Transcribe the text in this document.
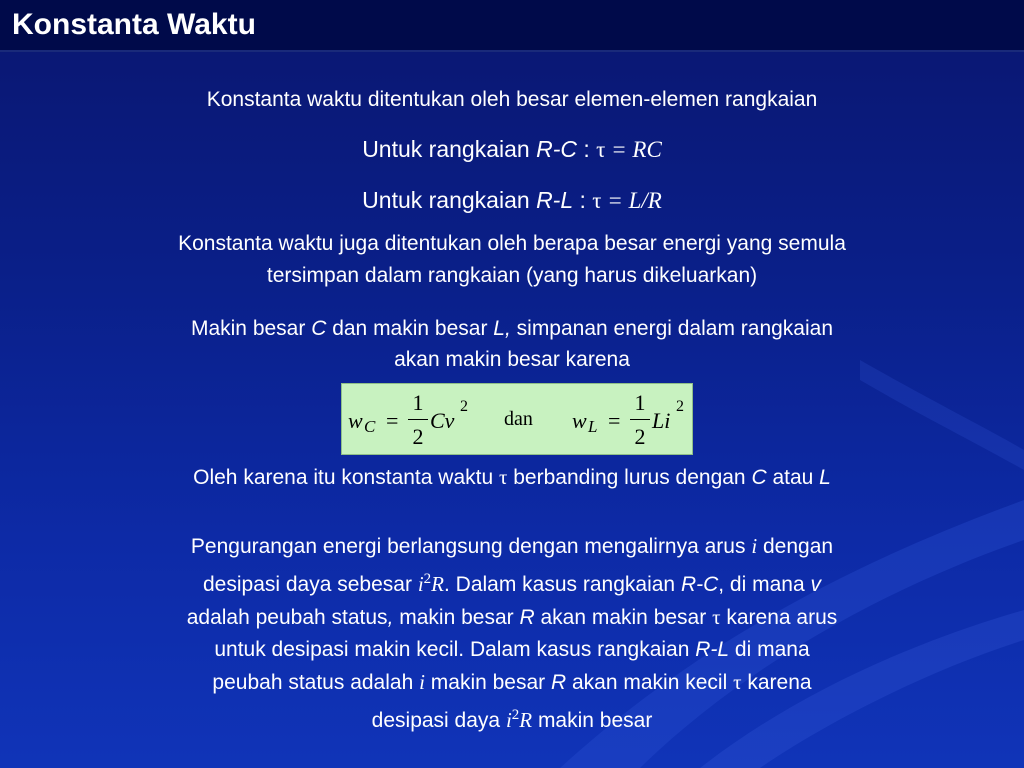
Konstanta Waktu
Konstanta waktu ditentukan oleh besar elemen-elemen rangkaian
Untuk rangkaian R-C : τ = RC
Untuk rangkaian R-L : τ = L/R
Konstanta waktu juga ditentukan oleh berapa besar energi yang semula
tersimpan dalam rangkaian (yang harus dikeluarkan)
Makin besar C dan makin besar L, simpanan energi dalam rangkaian
akan makin besar karena
w C =
1
2
Cv
2
dan w L =
1
2
Li
2
Oleh karena itu konstanta waktu τ berbanding lurus dengan C atau L
Pengurangan energi berlangsung dengan mengalirnya arus i dengan
desipasi daya sebesar $i^2R$. Dalam kasus rangkaian R-C, di mana v
adalah peubah status, makin besar R akan makin besar τ karena arus
untuk desipasi makin kecil. Dalam kasus rangkaian R-L di mana
peubah status adalah i makin besar R akan makin kecil τ karena
desipasi daya $i^2R$ makin besar
